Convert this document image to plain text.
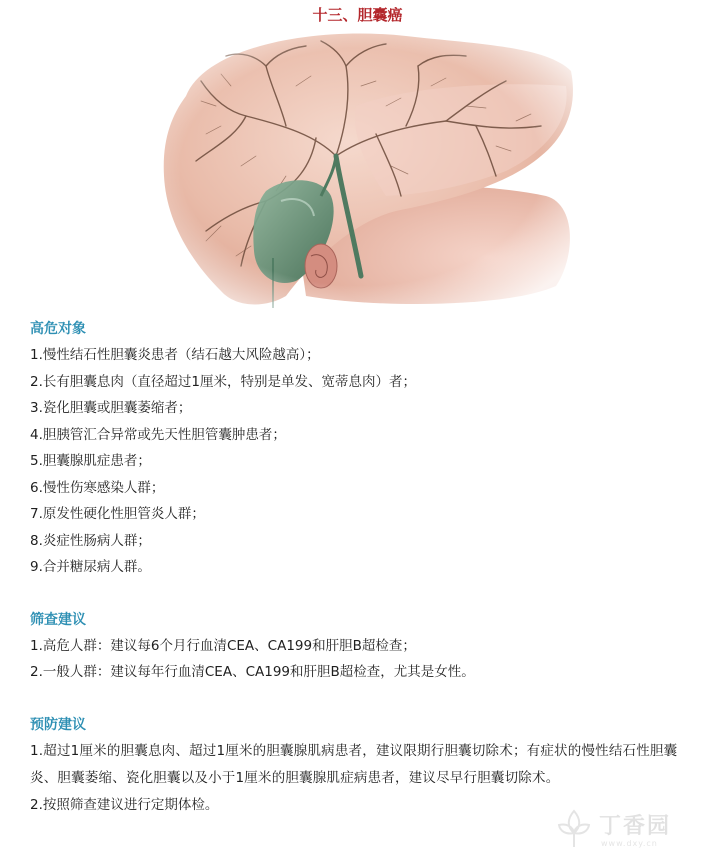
十三、胆囊癌
高危对象
1.慢性结石性胆囊炎患者（结石越大风险越高）；
2.长有胆囊息肉（直径超过1厘米，特别是单发、宽蒂息肉）者；
3.瓷化胆囊或胆囊萎缩者；
4.胆胰管汇合异常或先天性胆管囊肿患者；
5.胆囊腺肌症患者；
6.慢性伤寒感染人群；
7.原发性硬化性胆管炎人群；
8.炎症性肠病人群；
9.合并糖尿病人群。
筛查建议
1.高危人群：建议每6个月行血清CEA、CA199和肝胆B超检查；
2.一般人群：建议每年行血清CEA、CA199和肝胆B超检查，尤其是女性。
预防建议
1.超过1厘米的胆囊息肉、超过1厘米的胆囊腺肌病患者，建议限期行胆囊切除术；有症状的慢性结石性胆囊炎、胆囊萎缩、瓷化胆囊以及小于1厘米的胆囊腺肌症病患者，建议尽早行胆囊切除术。
2.按照筛查建议进行定期体检。
丁香园
www.dxy.cn
